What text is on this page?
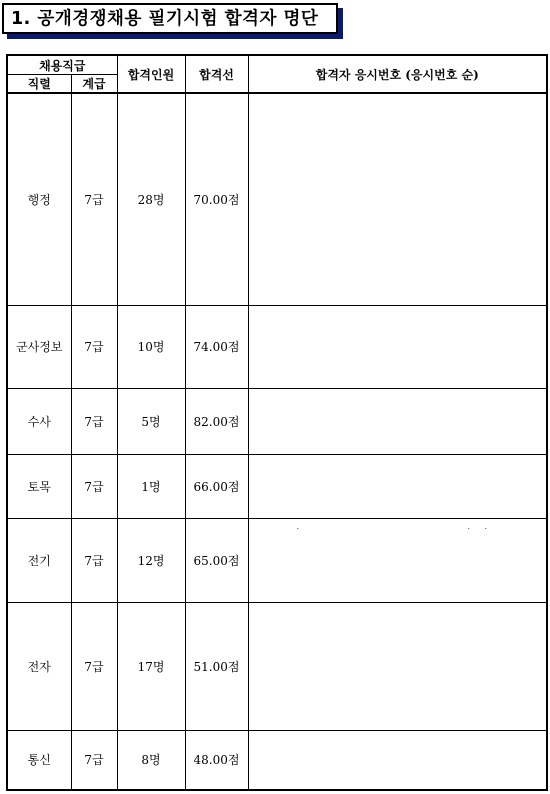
1. 공개경쟁채용 필기시험 합격자 명단
채용직급		합격인원	합격선	합격자 응시번호 (응시번호 순)
직렬	계급			
행정	7급	28명	70.00점	
군사정보	7급	10명	74.00점	
수사	7급	5명	82.00점	
토목	7급	1명	66.00점	
전기	7급	12명	65.00점	. . .

전자	7급	17명	51.00점	
통신	7급	8명	48.00점	
